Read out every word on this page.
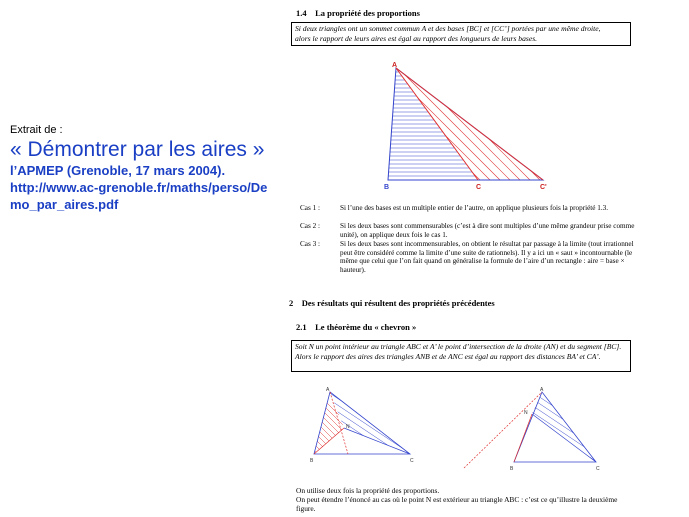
Extrait de :
« Démontrer par les aires »
l’APMEP (Grenoble, 17 mars 2004).
http://www.ac-grenoble.fr/maths/perso/Demo_par_aires.pdf
1.4 La propriété des proportions
Si deux triangles ont un sommet commun A et des bases [BC] et [CC’] portées par une même droite,
alors le rapport de leurs aires est égal au rapport des longueurs de leurs bases.
A
B	C	C'
Cas 1 :	Si l’une des bases est un multiple entier de l’autre, on applique plusieurs fois la propriété 1.3.
Cas 2 :	Si les deux bases sont commensurables (c’est à dire sont multiples d’une même grandeur prise comme unité), on applique deux fois le cas 1.
Cas 3 :	Si les deux bases sont incommensurables, on obtient le résultat par passage à la limite (tout irrationnel peut être considéré comme la limite d’une suite de rationnels). Il y a ici un « saut » incontournable (le même que celui que l’on fait quand on généralise la formule de l’aire d’un rectangle : aire = base × hauteur).
2 Des résultats qui résultent des propriétés précédentes
2.1 Le théorème du « chevron »
Soit N un point intérieur au triangle ABC et A’ le point d’intersection de la droite (AN) et du segment [BC].
Alors le rapport des aires des triangles ANB et de ANC est égal au rapport des distances BA’ et CA’.
A
N
B	C
A
N
B	C
On utilise deux fois la propriété des proportions.
On peut étendre l’énoncé au cas où le point N est extérieur au triangle ABC : c’est ce qu’illustre la deuxième figure.
